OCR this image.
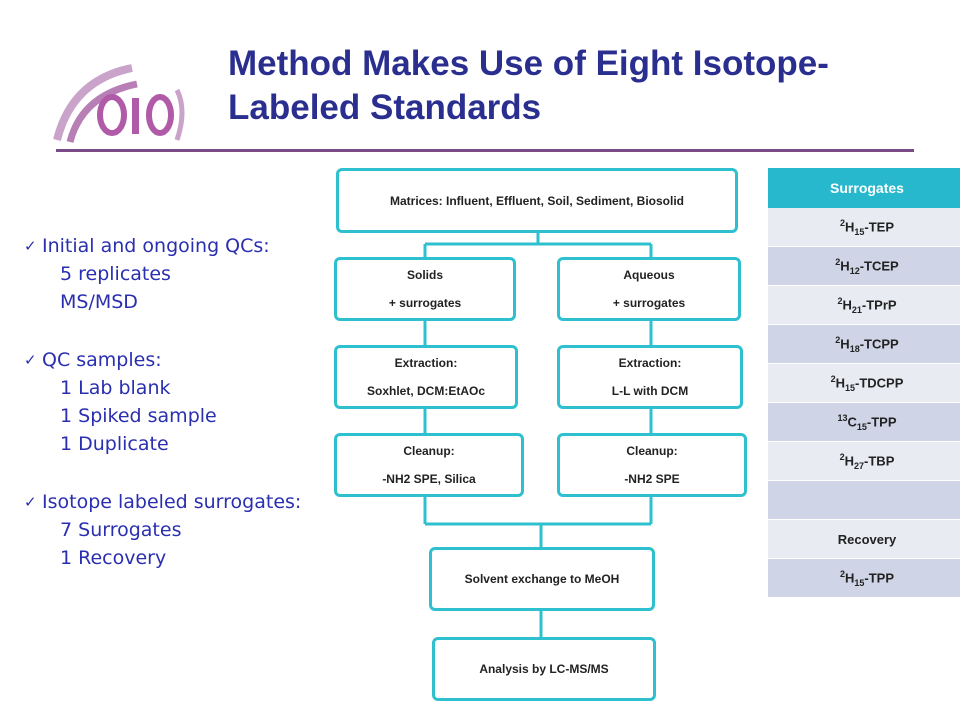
Method Makes Use of Eight Isotope-Labeled Standards
✓ Initial and ongoing QCs:
5 replicates
MS/MSD
✓ QC samples:
1 Lab blank
1 Spiked sample
1 Duplicate
✓ Isotope labeled surrogates:
7 Surrogates
1 Recovery
Matrices: Influent, Effluent, Soil, Sediment, Biosolid
Solids
+ surrogates
Aqueous
+ surrogates
Extraction:
Soxhlet, DCM:EtAOc
Extraction:
L-L with DCM
Cleanup:
-NH2 SPE, Silica
Cleanup:
-NH2 SPE
Solvent exchange to MeOH
Analysis by LC-MS/MS
Surrogates
$^2H_{15}$-TEP
$^2H_{12}$-TCEP
$^2H_{21}$-TPrP
$^2H_{18}$-TCPP
$^2H_{15}$-TDCPP
$^{13}C_{15}$-TPP
$^2H_{27}$-TBP

Recovery
$^2H_{15}$-TPP
